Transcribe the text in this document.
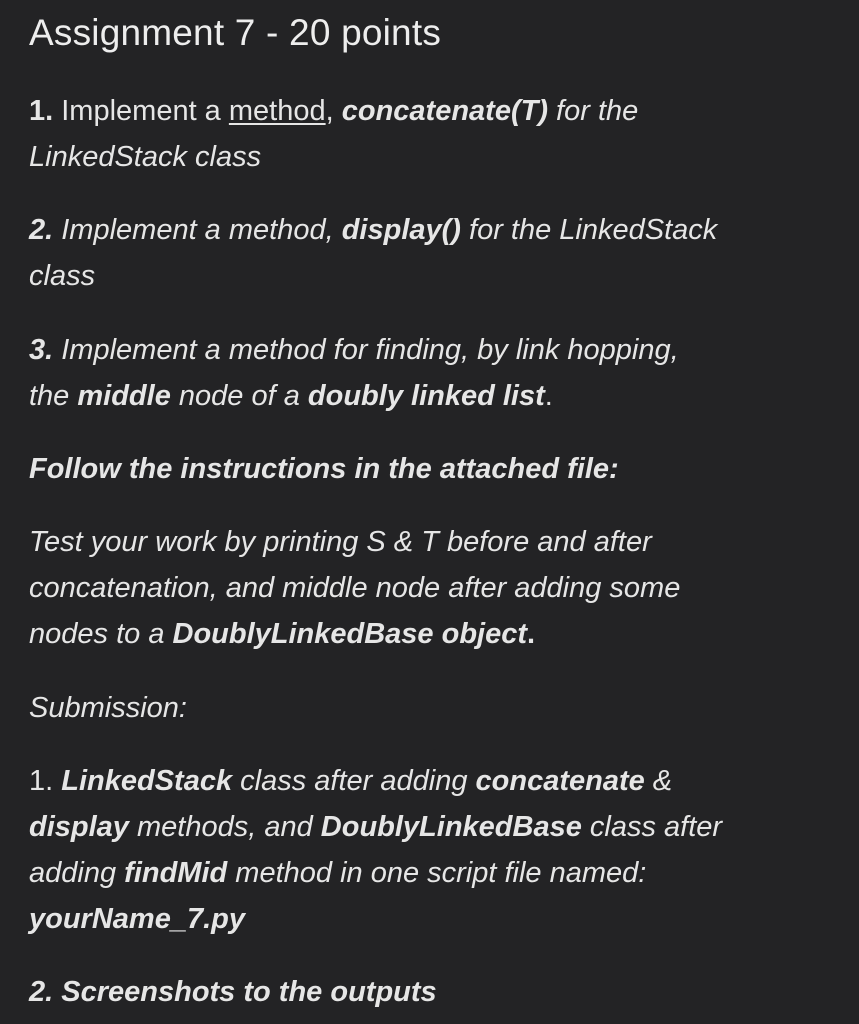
Assignment 7 - 20 points

1. Implement a method, concatenate(T) for the
LinkedStack class

2. Implement a method, display() for the LinkedStack
class

3. Implement a method for finding, by link hopping,
the middle node of a doubly linked list.

Follow the instructions in the attached file:

Test your work by printing S & T before and after
concatenation, and middle node after adding some
nodes to a DoublyLinkedBase object.

Submission:

1. LinkedStack class after adding concatenate &
display methods, and DoublyLinkedBase class after
adding findMid method in one script file named:
yourName_7.py

2. Screenshots to the outputs
